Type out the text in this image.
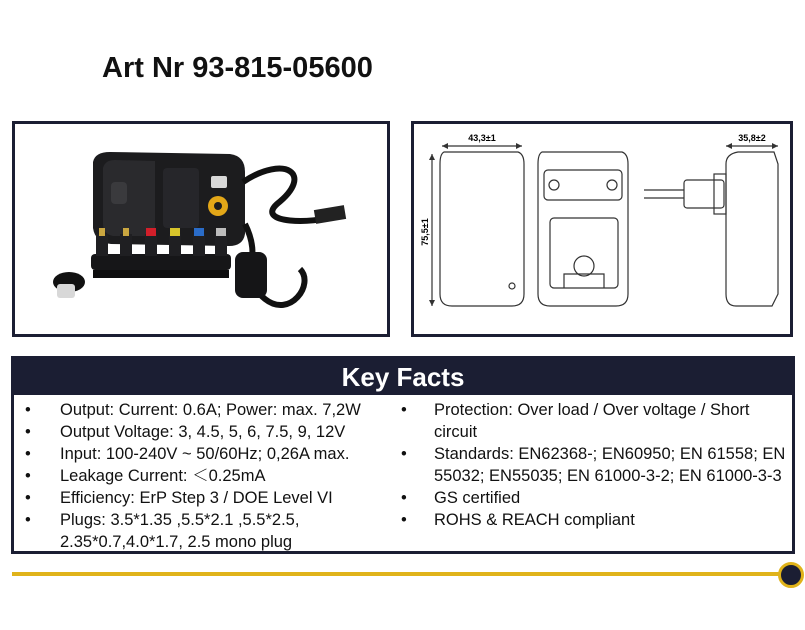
Art Nr 93-815-05600
43,3±1
75,5±1
35,8±2
Key Facts
• Output: Current: 0.6A; Power: max. 7,2W
• Output Voltage: 3, 4.5, 5, 6, 7.5, 9, 12V
• Input: 100-240V ~ 50/60Hz; 0,26A max.
• Leakage Current: ＜0.25mA
• Efficiency: ErP Step 3 / DOE Level VI
• Plugs: 3.5*1.35 ,5.5*2.1 ,5.5*2.5, 2.35*0.7,4.0*1.7, 2.5 mono plug
• Protection: Over load / Over voltage / Short circuit
• Standards: EN62368-; EN60950; EN 61558; EN 55032; EN55035; EN 61000-3-2; EN 61000-3-3
• GS certified
• ROHS & REACH compliant
